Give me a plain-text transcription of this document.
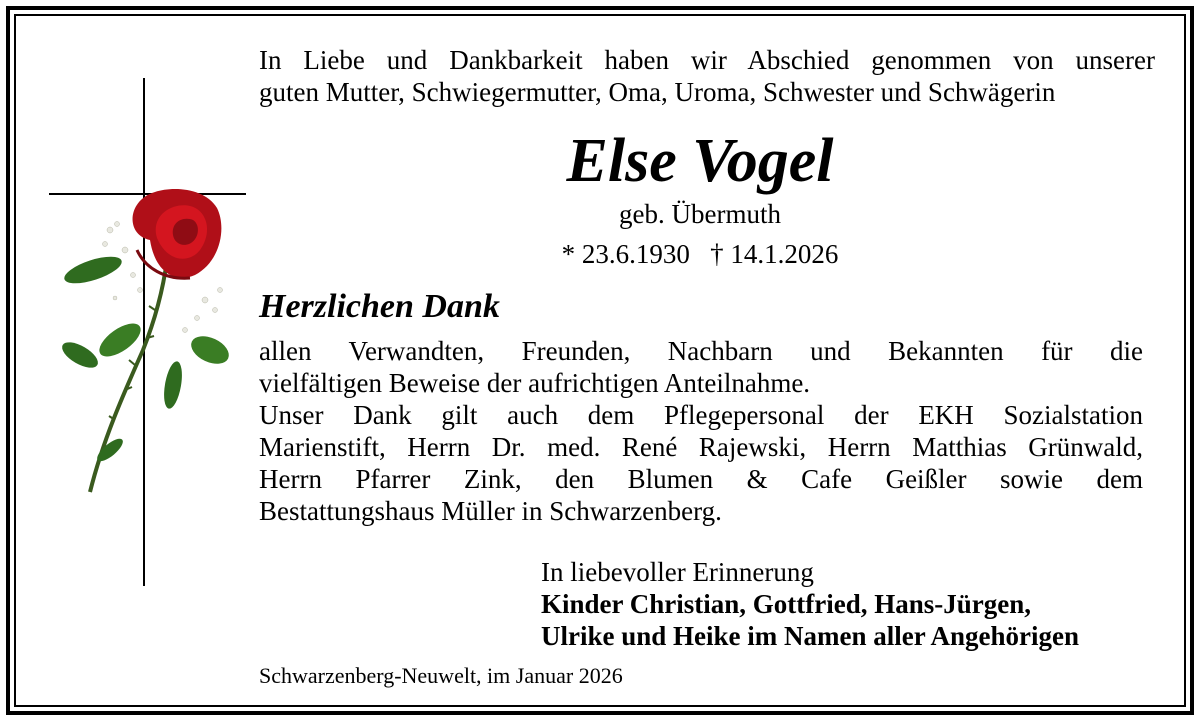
In Liebe und Dankbarkeit haben wir Abschied genommen von unserer
guten Mutter, Schwiegermutter, Oma, Uroma, Schwester und Schwägerin
Else Vogel
geb. Übermuth
* 23.6.1930   † 14.1.2026
Herzlichen Dank
allen Verwandten, Freunden, Nachbarn und Bekannten für die
vielfältigen Beweise der aufrichtigen Anteilnahme.
Unser Dank gilt auch dem Pflegepersonal der EKH Sozialstation
Marienstift, Herrn Dr. med. René Rajewski, Herrn Matthias Grünwald,
Herrn Pfarrer Zink, den Blumen & Cafe Geißler sowie dem
Bestattungshaus Müller in Schwarzenberg.
In liebevoller Erinnerung
Kinder Christian, Gottfried, Hans-Jürgen,
Ulrike und Heike im Namen aller Angehörigen
Schwarzenberg-Neuwelt, im Januar 2026
